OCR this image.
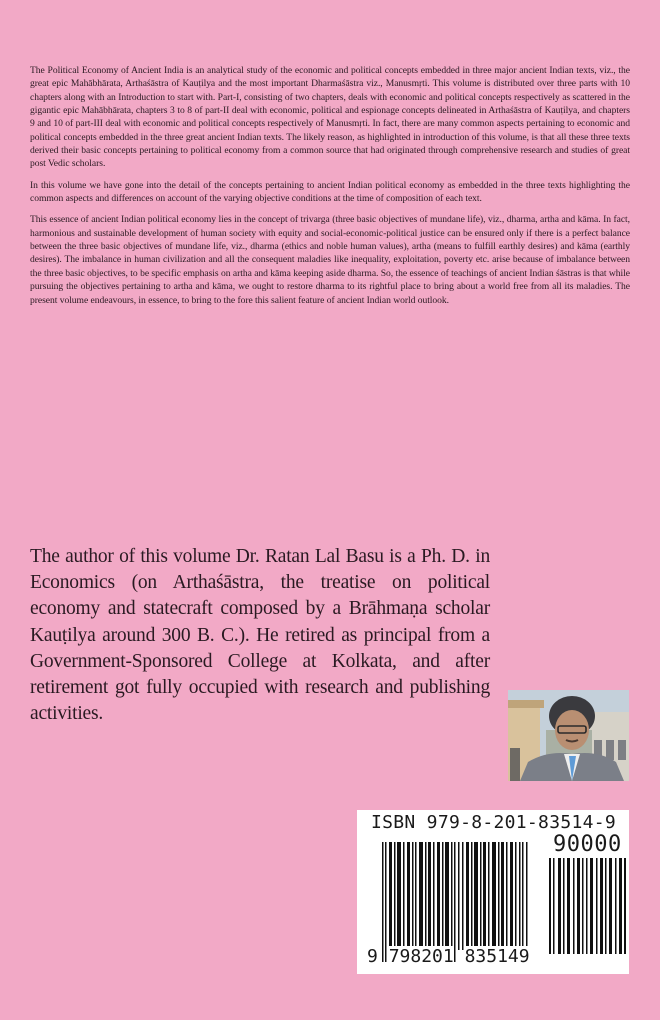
The Political Economy of Ancient India is an analytical study of the economic and political concepts embedded in three major ancient Indian texts, viz., the great epic Mahābhārata, Arthaśāstra of Kauṭilya and the most important Dharmaśāstra viz., Manusmṛti. This volume is distributed over three parts with 10 chapters along with an Introduction to start with. Part-I, consisting of two chapters, deals with economic and political concepts respectively as scattered in the gigantic epic Mahābhārata, chapters 3 to 8 of part-II deal with economic, political and espionage concepts delineated in Arthaśāstra of Kauṭilya, and chapters 9 and 10 of part-III deal with economic and political concepts respectively of Manusmṛti. In fact, there are many common aspects pertaining to economic and political concepts embedded in the three great ancient Indian texts. The likely reason, as highlighted in introduction of this volume, is that all these three texts derived their basic concepts pertaining to political economy from a common source that had originated through comprehensive research and studies of great post Vedic scholars.

In this volume we have gone into the detail of the concepts pertaining to ancient Indian political economy as embedded in the three texts highlighting the common aspects and differences on account of the varying objective conditions at the time of composition of each text.

This essence of ancient Indian political economy lies in the concept of trivarga (three basic objectives of mundane life), viz., dharma, artha and kāma. In fact, harmonious and sustainable development of human society with equity and social-economic-political justice can be ensured only if there is a perfect balance between the three basic objectives of mundane life, viz., dharma (ethics and noble human values), artha (means to fulfill earthly desires) and kāma (earthly desires). The imbalance in human civilization and all the consequent maladies like inequality, exploitation, poverty etc. arise because of imbalance between the three basic objectives, to be specific emphasis on artha and kāma keeping aside dharma. So, the essence of teachings of ancient Indian śāstras is that while pursuing the objectives pertaining to artha and kāma, we ought to restore dharma to its rightful place to bring about a world free from all its maladies. The present volume endeavours, in essence, to bring to the fore this salient feature of ancient Indian world outlook.

The author of this volume Dr. Ratan Lal Basu is a Ph. D. in Economics (on Arthaśāstra, the treatise on political economy and statecraft composed by a Brāhmaṇa scholar Kauṭilya around 300 B. C.). He retired as principal from a Government-Sponsored College at Kolkata, and after retirement got fully occupied with research and publishing activities.

ISBN 979-8-201-83514-9
90000
9 798201 835149
